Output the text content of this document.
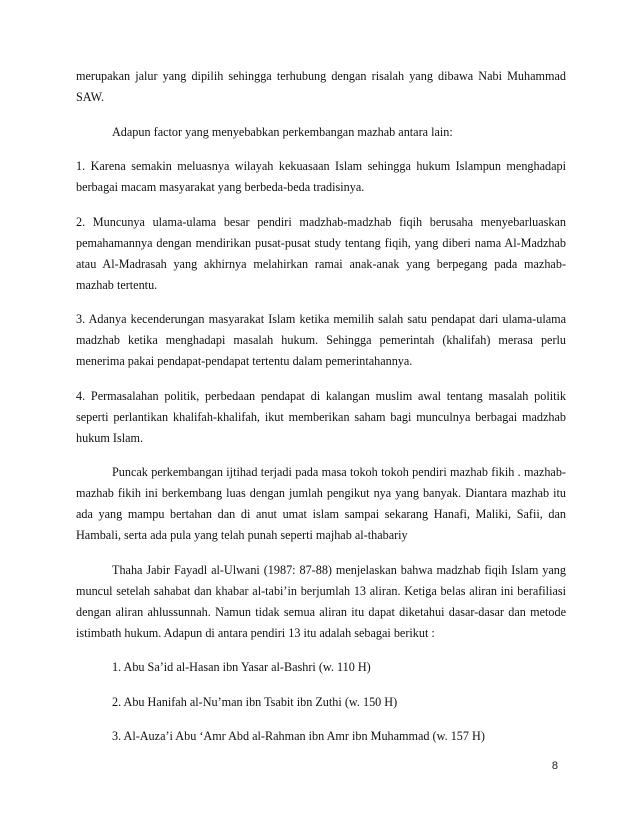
merupakan jalur yang dipilih sehingga terhubung dengan risalah yang dibawa Nabi Muhammad SAW.

Adapun factor yang menyebabkan perkembangan mazhab antara lain:

1. Karena semakin meluasnya wilayah kekuasaan Islam sehingga hukum Islampun menghadapi berbagai macam masyarakat yang berbeda-beda tradisinya.

2. Muncunya ulama-ulama besar pendiri madzhab-madzhab fiqih berusaha menyebarluaskan pemahamannya dengan mendirikan pusat-pusat study tentang fiqih, yang diberi nama Al-Madzhab atau Al-Madrasah yang akhirnya melahirkan ramai anak-anak yang berpegang pada mazhab-mazhab tertentu.

3. Adanya kecenderungan masyarakat Islam ketika memilih salah satu pendapat dari ulama-ulama madzhab ketika menghadapi masalah hukum. Sehingga pemerintah (khalifah) merasa perlu menerima pakai pendapat-pendapat tertentu dalam pemerintahannya.

4. Permasalahan politik, perbedaan pendapat di kalangan muslim awal tentang masalah politik seperti perlantikan khalifah-khalifah, ikut memberikan saham bagi munculnya berbagai madzhab hukum Islam.

Puncak perkembangan ijtihad terjadi pada masa tokoh tokoh pendiri mazhab fikih . mazhab- mazhab fikih ini berkembang luas dengan jumlah pengikut nya yang banyak. Diantara mazhab itu ada yang mampu bertahan dan di anut umat islam sampai sekarang Hanafi, Maliki, Safii, dan Hambali, serta ada pula yang telah punah seperti majhab al-thabariy

Thaha Jabir Fayadl al-Ulwani (1987: 87-88) menjelaskan bahwa madzhab fiqih Islam yang muncul setelah sahabat dan khabar al-tabi’in berjumlah 13 aliran. Ketiga belas aliran ini berafiliasi dengan aliran ahlussunnah. Namun tidak semua aliran itu dapat diketahui dasar-dasar dan metode istimbath hukum. Adapun di antara pendiri 13 itu adalah sebagai berikut :

1. Abu Sa’id al-Hasan ibn Yasar al-Bashri (w. 110 H)

2. Abu Hanifah al-Nu’man ibn Tsabit ibn Zuthi (w. 150 H)

3. Al-Auza’i Abu ‘Amr Abd al-Rahman ibn Amr ibn Muhammad (w. 157 H)

8
